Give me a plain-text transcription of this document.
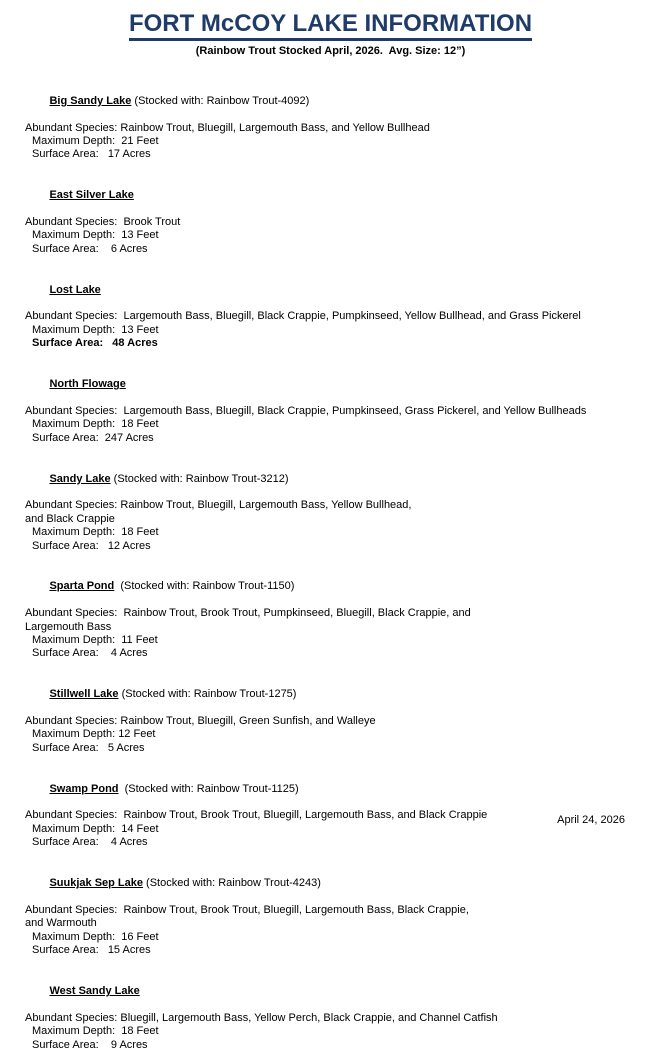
FORT McCOY LAKE INFORMATION
(Rainbow Trout Stocked April, 2026.  Avg. Size: 12”)

Big Sandy Lake (Stocked with: Rainbow Trout-4092)

Abundant Species: Rainbow Trout, Bluegill, Largemouth Bass, and Yellow Bullhead
Maximum Depth:  21 Feet
Surface Area:   17 Acres

East Silver Lake

Abundant Species:  Brook Trout
Maximum Depth:  13 Feet
Surface Area:    6 Acres

Lost Lake

Abundant Species:  Largemouth Bass, Bluegill, Black Crappie, Pumpkinseed, Yellow Bullhead, and Grass Pickerel
Maximum Depth:  13 Feet
Surface Area:   48 Acres

North Flowage

Abundant Species:  Largemouth Bass, Bluegill, Black Crappie, Pumpkinseed, Grass Pickerel, and Yellow Bullheads
Maximum Depth:  18 Feet
Surface Area:  247 Acres

Sandy Lake (Stocked with: Rainbow Trout-3212)

Abundant Species: Rainbow Trout, Bluegill, Largemouth Bass, Yellow Bullhead,
and Black Crappie
Maximum Depth:  18 Feet
Surface Area:   12 Acres

Sparta Pond  (Stocked with: Rainbow Trout-1150)

Abundant Species:  Rainbow Trout, Brook Trout, Pumpkinseed, Bluegill, Black Crappie, and
Largemouth Bass
Maximum Depth:  11 Feet
Surface Area:    4 Acres

Stillwell Lake (Stocked with: Rainbow Trout-1275)

Abundant Species: Rainbow Trout, Bluegill, Green Sunfish, and Walleye
Maximum Depth: 12 Feet
Surface Area:   5 Acres

Swamp Pond  (Stocked with: Rainbow Trout-1125)

Abundant Species:  Rainbow Trout, Brook Trout, Bluegill, Largemouth Bass, and Black Crappie
Maximum Depth:  14 Feet
Surface Area:    4 Acres

Suukjak Sep Lake (Stocked with: Rainbow Trout-4243)

Abundant Species:  Rainbow Trout, Brook Trout, Bluegill, Largemouth Bass, Black Crappie,
and Warmouth
Maximum Depth:  16 Feet
Surface Area:   15 Acres

West Sandy Lake

Abundant Species: Bluegill, Largemouth Bass, Yellow Perch, Black Crappie, and Channel Catfish
Maximum Depth:  18 Feet
Surface Area:    9 Acres
April 24, 2026
